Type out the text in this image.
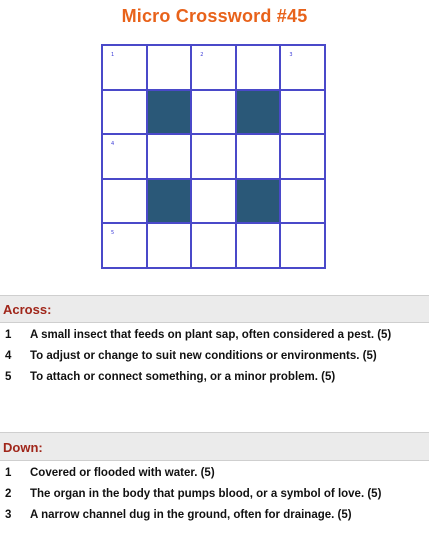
Micro Crossword #45
1	2	3
4
5
Across:
1 A small insect that feeds on plant sap, often considered a pest. (5)
4 To adjust or change to suit new conditions or environments. (5)
5 To attach or connect something, or a minor problem. (5)
Down:
1 Covered or flooded with water. (5)
2 The organ in the body that pumps blood, or a symbol of love. (5)
3 A narrow channel dug in the ground, often for drainage. (5)
